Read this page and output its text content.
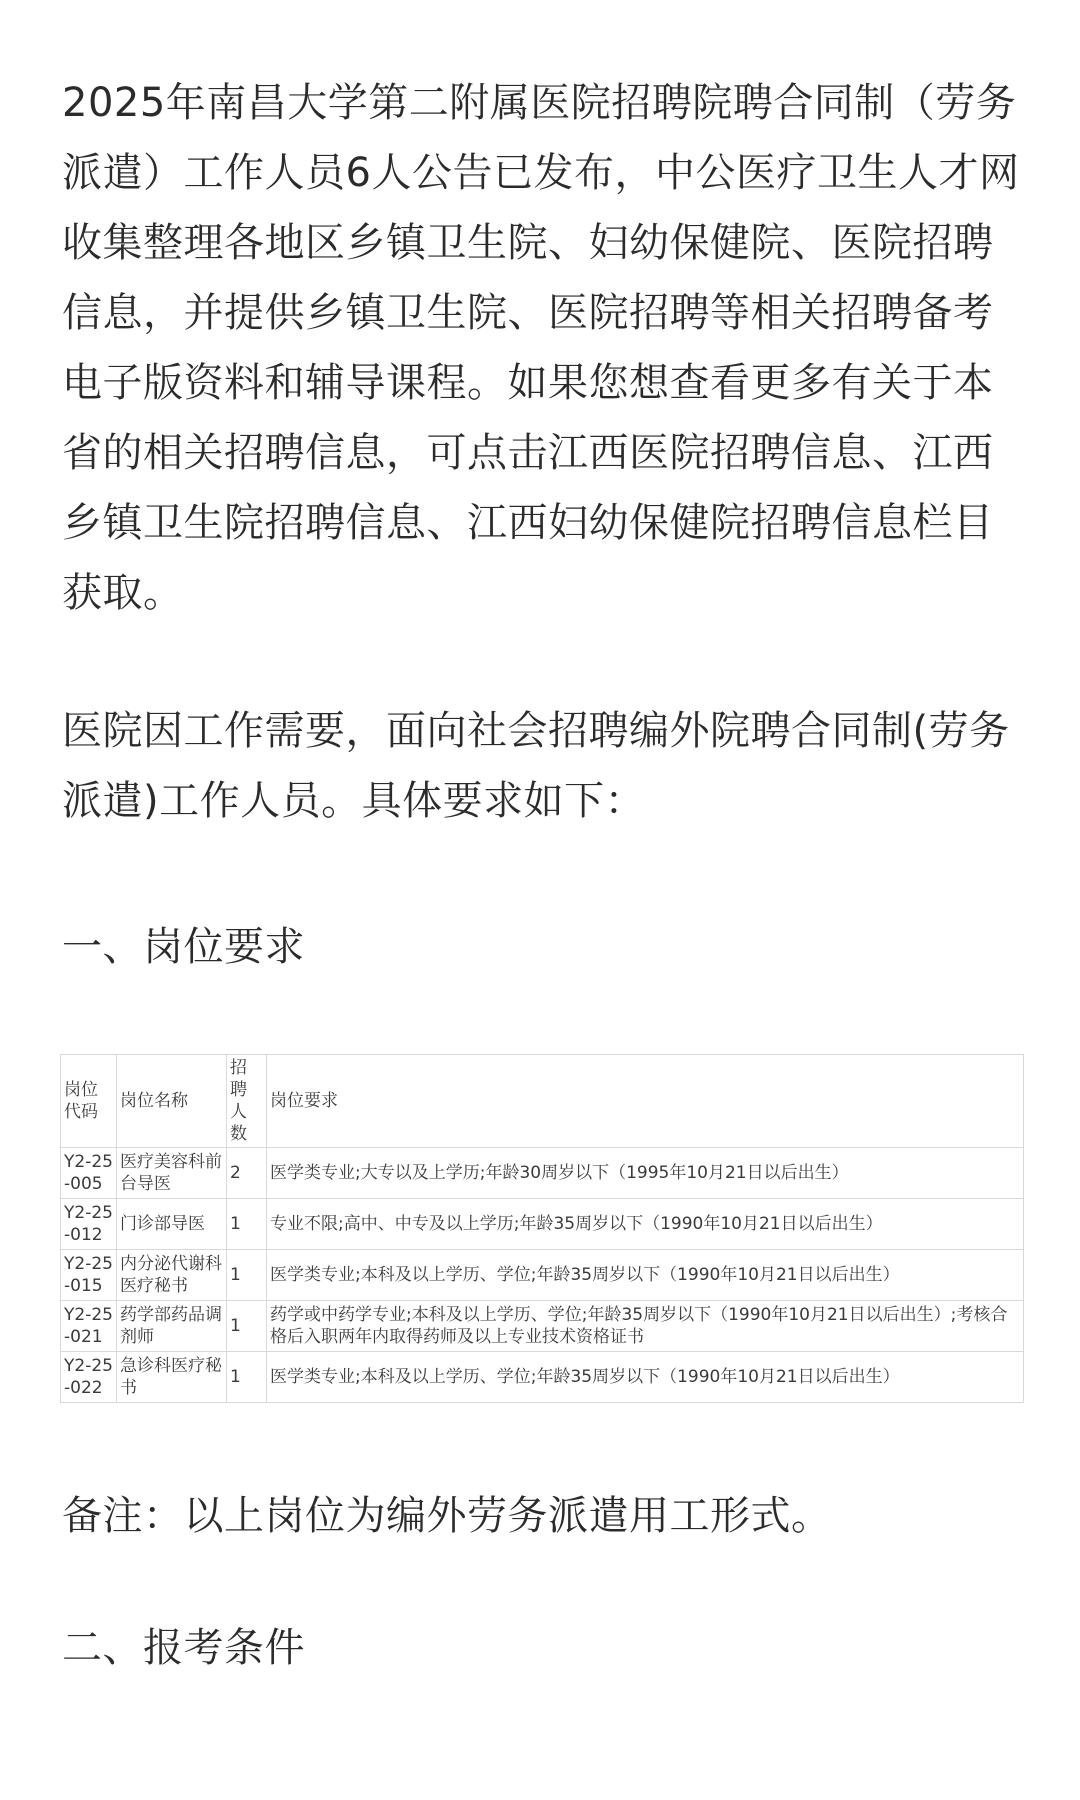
2025年南昌大学第二附属医院招聘院聘合同制（劳务派遣）工作人员6人公告已发布，中公医疗卫生人才网收集整理各地区乡镇卫生院、妇幼保健院、医院招聘信息，并提供乡镇卫生院、医院招聘等相关招聘备考电子版资料和辅导课程。如果您想查看更多有关于本省的相关招聘信息，可点击江西医院招聘信息、江西乡镇卫生院招聘信息、江西妇幼保健院招聘信息栏目获取。

医院因工作需要，面向社会招聘编外院聘合同制(劳务派遣)工作人员。具体要求如下：

一、岗位要求

岗位代码	岗位名称	招聘人数	岗位要求
Y2-25-005	医疗美容科前台导医	2	医学类专业;大专以及上学历;年龄30周岁以下（1995年10月21日以后出生）
Y2-25-012	门诊部导医	1	专业不限;高中、中专及以上学历;年龄35周岁以下（1990年10月21日以后出生）
Y2-25-015	内分泌代谢科医疗秘书	1	医学类专业;本科及以上学历、学位;年龄35周岁以下（1990年10月21日以后出生）
Y2-25-021	药学部药品调剂师	1	药学或中药学专业;本科及以上学历、学位;年龄35周岁以下（1990年10月21日以后出生）;考核合格后入职两年内取得药师及以上专业技术资格证书
Y2-25-022	急诊科医疗秘书	1	医学类专业;本科及以上学历、学位;年龄35周岁以下（1990年10月21日以后出生）

备注：以上岗位为编外劳务派遣用工形式。

二、报考条件
